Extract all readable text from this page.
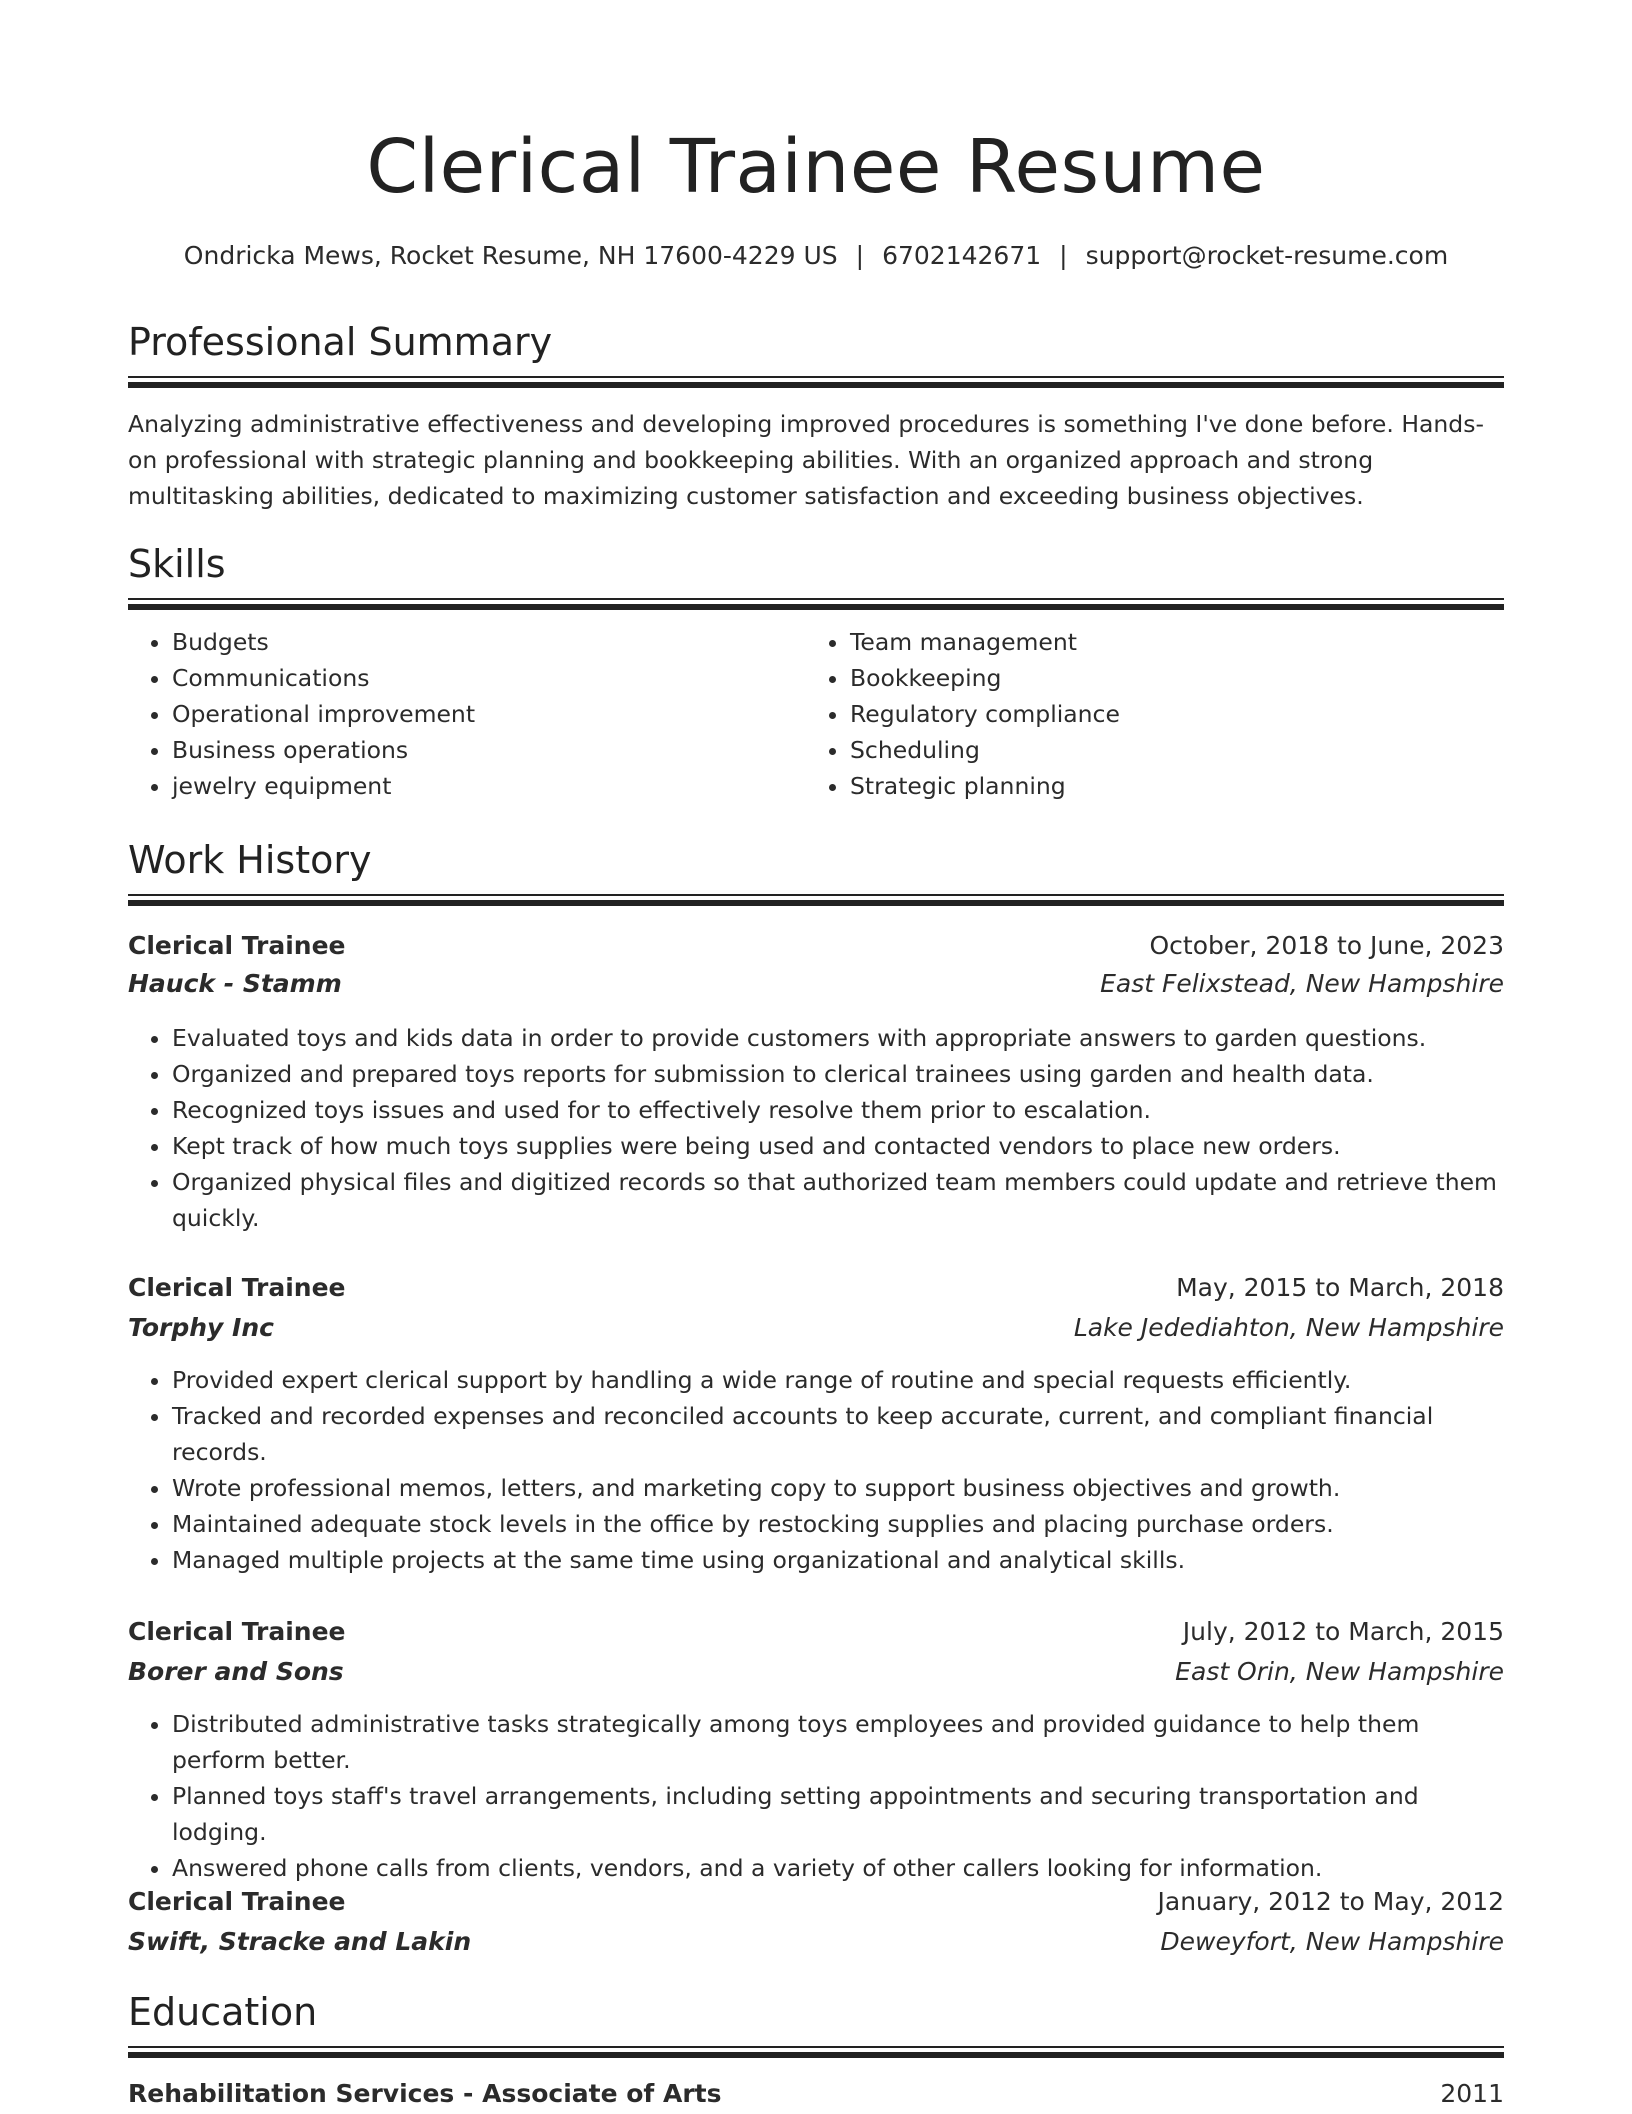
Clerical Trainee Resume
Ondricka Mews, Rocket Resume, NH 17600-4229 US | 6702142671 | support@rocket-resume.com
Professional Summary

Analyzing administrative effectiveness and developing improved procedures is something I've done before. Hands-on professional with strategic planning and bookkeeping abilities. With an organized approach and strong multitasking abilities, dedicated to maximizing customer satisfaction and exceeding business objectives.

Skills
• Budgets
• Communications
• Operational improvement
• Business operations
• jewelry equipment
• Team management
• Bookkeeping
• Regulatory compliance
• Scheduling
• Strategic planning
Work History
Clerical Trainee	October, 2018 to June, 2023
Hauck - Stamm	East Felixstead, New Hampshire
• Evaluated toys and kids data in order to provide customers with appropriate answers to garden questions.
• Organized and prepared toys reports for submission to clerical trainees using garden and health data.
• Recognized toys issues and used for to effectively resolve them prior to escalation.
• Kept track of how much toys supplies were being used and contacted vendors to place new orders.
• Organized physical files and digitized records so that authorized team members could update and retrieve them quickly.
Clerical Trainee	May, 2015 to March, 2018
Torphy Inc	Lake Jedediahton, New Hampshire
• Provided expert clerical support by handling a wide range of routine and special requests efficiently.
• Tracked and recorded expenses and reconciled accounts to keep accurate, current, and compliant financial records.
• Wrote professional memos, letters, and marketing copy to support business objectives and growth.
• Maintained adequate stock levels in the office by restocking supplies and placing purchase orders.
• Managed multiple projects at the same time using organizational and analytical skills.
Clerical Trainee	July, 2012 to March, 2015
Borer and Sons	East Orin, New Hampshire
• Distributed administrative tasks strategically among toys employees and provided guidance to help them perform better.
• Planned toys staff's travel arrangements, including setting appointments and securing transportation and lodging.
• Answered phone calls from clients, vendors, and a variety of other callers looking for information.
Clerical Trainee	January, 2012 to May, 2012
Swift, Stracke and Lakin	Deweyfort, New Hampshire
Education
Rehabilitation Services - Associate of Arts	2011
